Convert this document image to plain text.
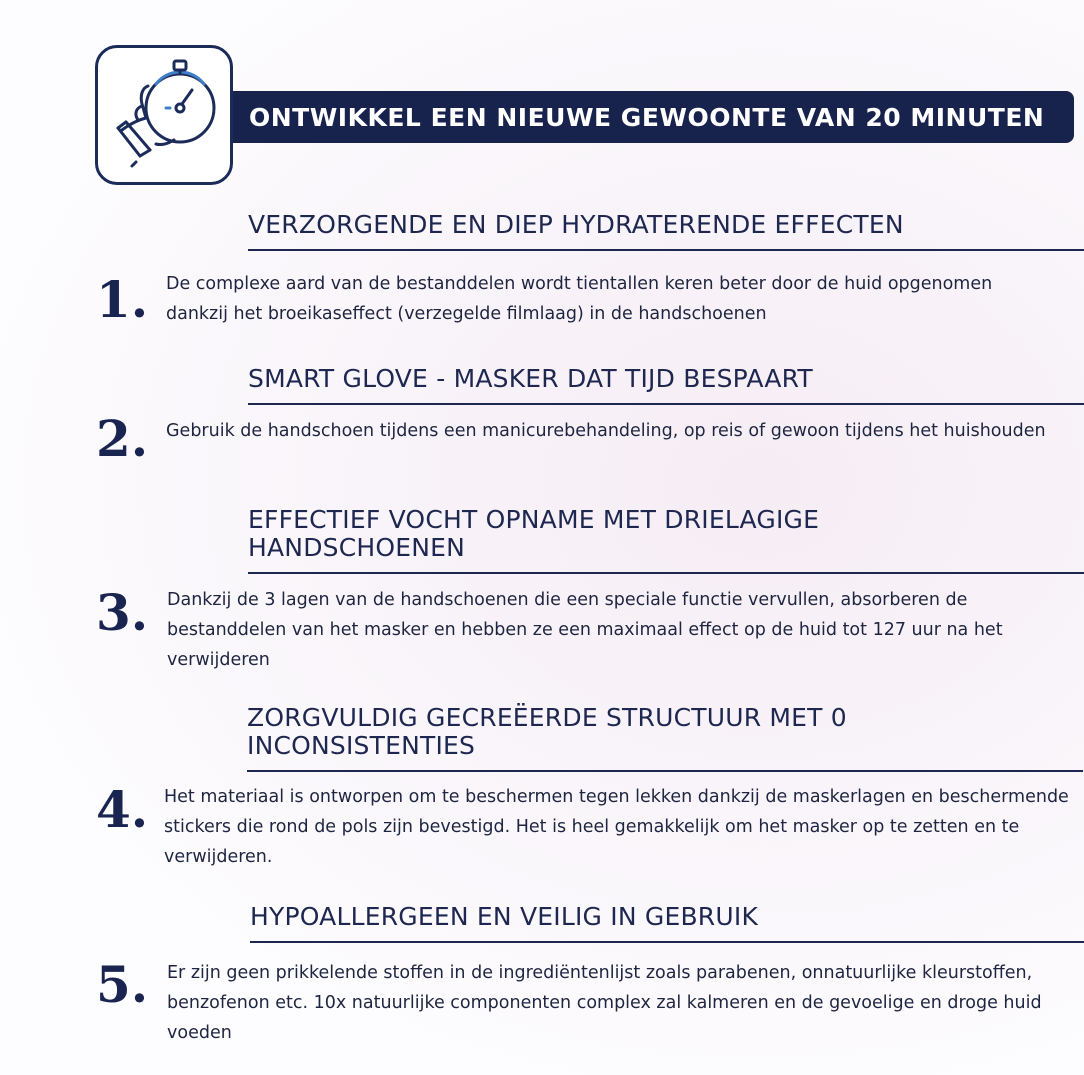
ONTWIKKEL EEN NIEUWE GEWOONTE VAN 20 MINUTEN
VERZORGENDE EN DIEP HYDRATERENDE EFFECTEN
1. De complexe aard van de bestanddelen wordt tientallen keren beter door de huid opgenomen dankzij het broeikaseffect (verzegelde filmlaag) in de handschoenen
SMART GLOVE - MASKER DAT TIJD BESPAART
2. Gebruik de handschoen tijdens een manicurebehandeling, op reis of gewoon tijdens het huishouden
EFFECTIEF VOCHT OPNAME MET DRIELAGIGE HANDSCHOENEN
3. Dankzij de 3 lagen van de handschoenen die een speciale functie vervullen, absorberen de bestanddelen van het masker en hebben ze een maximaal effect op de huid tot 127 uur na het verwijderen
ZORGVULDIG GECREËERDE STRUCTUUR MET 0 INCONSISTENTIES
4. Het materiaal is ontworpen om te beschermen tegen lekken dankzij de maskerlagen en beschermende stickers die rond de pols zijn bevestigd. Het is heel gemakkelijk om het masker op te zetten en te verwijderen.
HYPOALLERGEEN EN VEILIG IN GEBRUIK
5. Er zijn geen prikkelende stoffen in de ingrediëntenlijst zoals parabenen, onnatuurlijke kleurstoffen, benzofenon etc. 10x natuurlijke componenten complex zal kalmeren en de gevoelige en droge huid voeden
